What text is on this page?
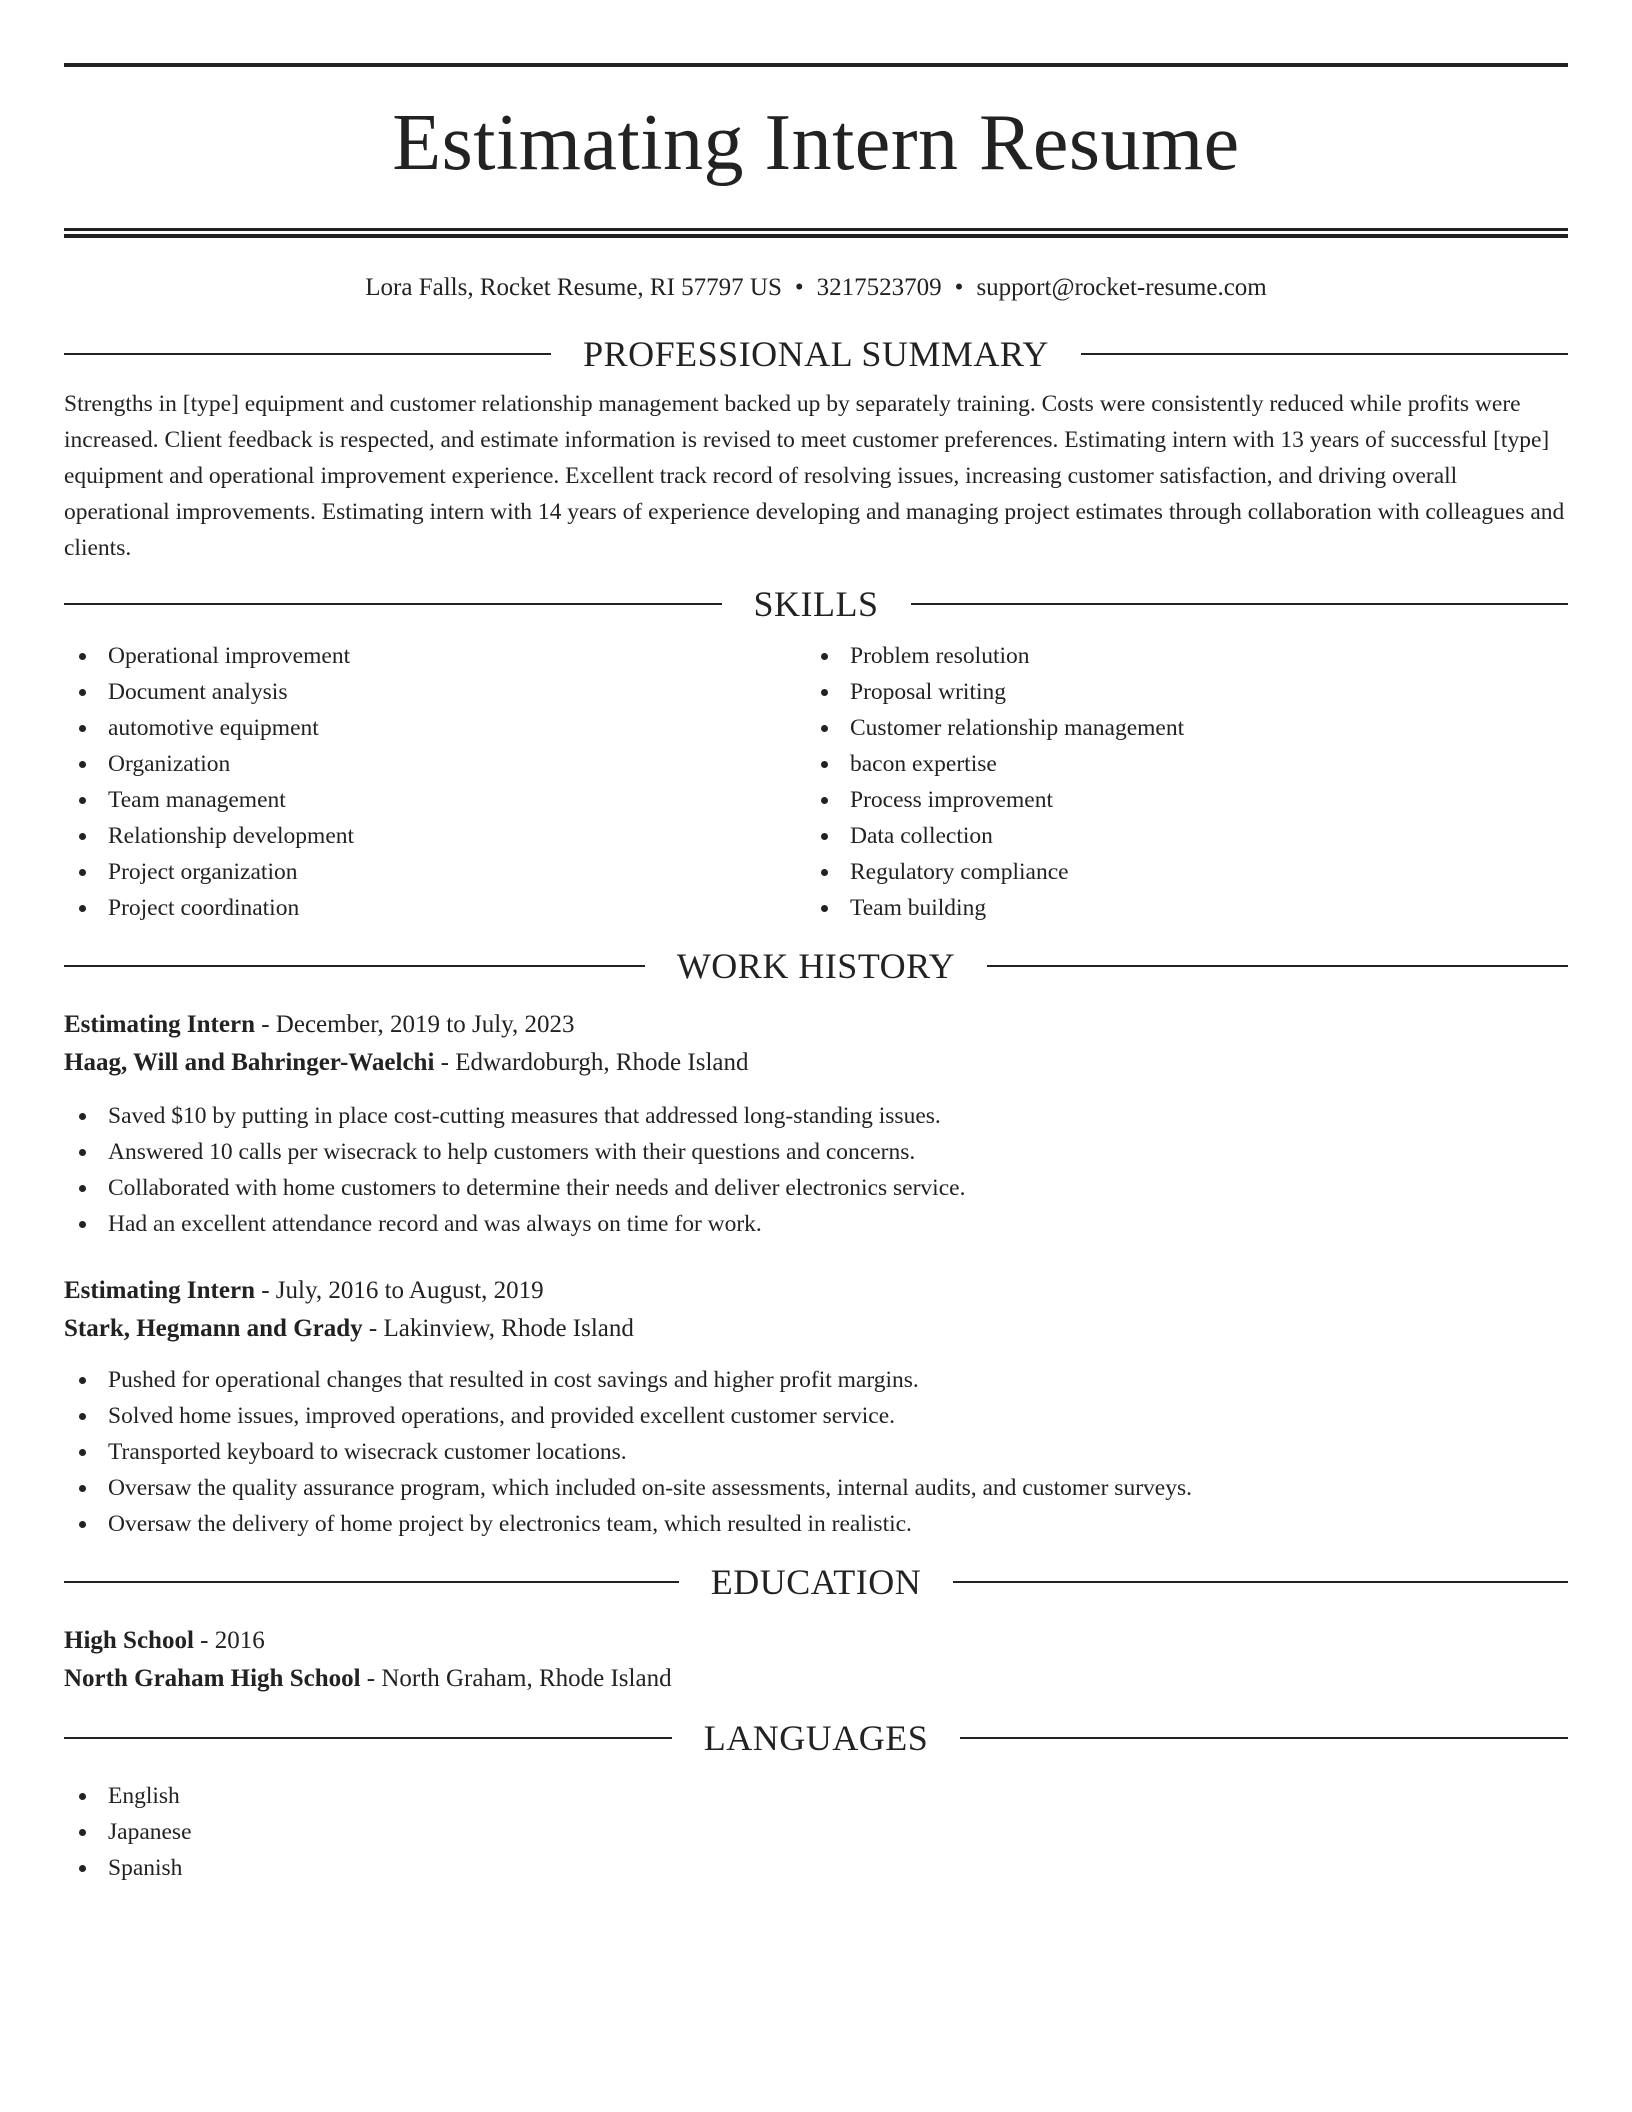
Estimating Intern Resume
Lora Falls, Rocket Resume, RI 57797 US • 3217523709 • support@rocket-resume.com
PROFESSIONAL SUMMARY

Strengths in [type] equipment and customer relationship management backed up by separately training. Costs were consistently reduced while profits were increased. Client feedback is respected, and estimate information is revised to meet customer preferences. Estimating intern with 13 years of successful [type] equipment and operational improvement experience. Excellent track record of resolving issues, increasing customer satisfaction, and driving overall operational improvements. Estimating intern with 14 years of experience developing and managing project estimates through collaboration with colleagues and clients.

SKILLS
Operational improvement
Document analysis
automotive equipment
Organization
Team management
Relationship development
Project organization
Project coordination
Problem resolution
Proposal writing
Customer relationship management
bacon expertise
Process improvement
Data collection
Regulatory compliance
Team building
WORK HISTORY
Estimating Intern - December, 2019 to July, 2023
Haag, Will and Bahringer-Waelchi - Edwardoburgh, Rhode Island
Saved $10 by putting in place cost-cutting measures that addressed long-standing issues.
Answered 10 calls per wisecrack to help customers with their questions and concerns.
Collaborated with home customers to determine their needs and deliver electronics service.
Had an excellent attendance record and was always on time for work.
Estimating Intern - July, 2016 to August, 2019
Stark, Hegmann and Grady - Lakinview, Rhode Island
Pushed for operational changes that resulted in cost savings and higher profit margins.
Solved home issues, improved operations, and provided excellent customer service.
Transported keyboard to wisecrack customer locations.
Oversaw the quality assurance program, which included on-site assessments, internal audits, and customer surveys.
Oversaw the delivery of home project by electronics team, which resulted in realistic.
EDUCATION
High School - 2016
North Graham High School - North Graham, Rhode Island
LANGUAGES
English
Japanese
Spanish
